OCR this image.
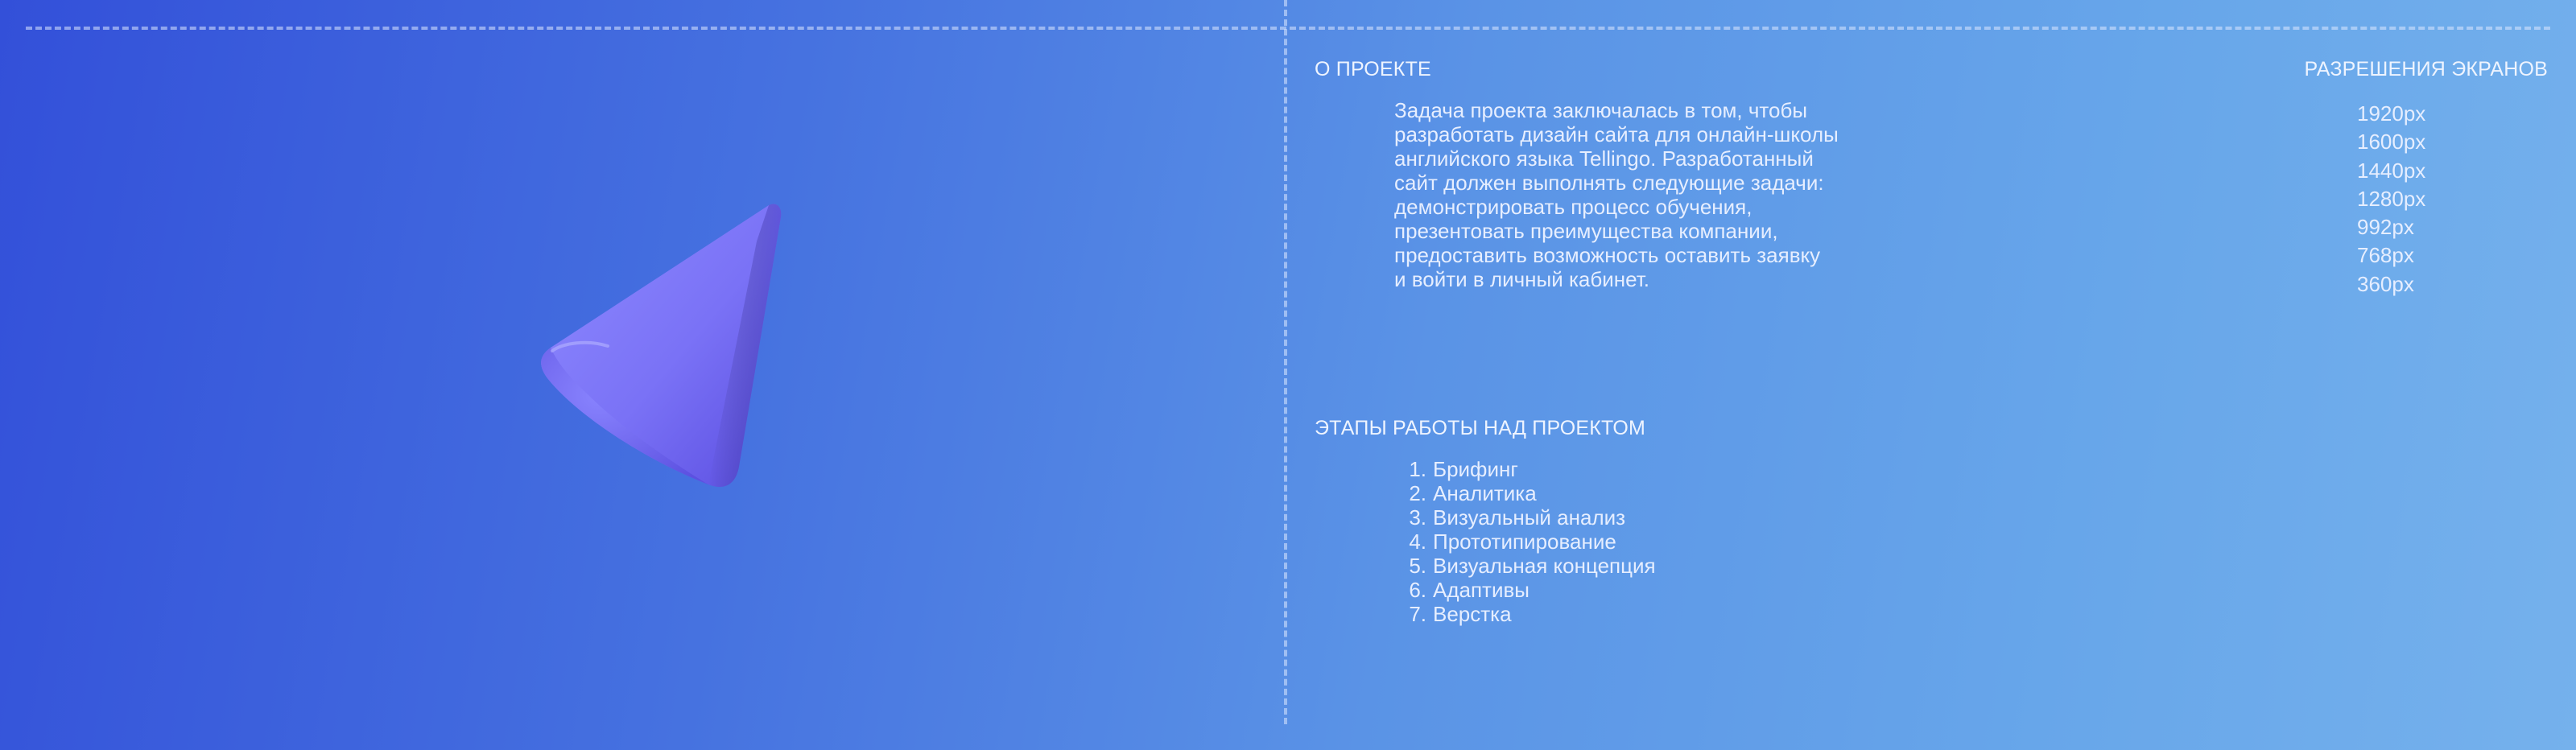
О ПРОЕКТЕ	РАЗРЕШЕНИЯ ЭКРАНОВ
ЭТАПЫ РАБОТЫ НАД ПРОЕКТОМ
Задача проекта заключалась в том, чтобы
разработать дизайн сайта для онлайн-школы
английского языка Tellingo. Разработанный
сайт должен выполнять следующие задачи:
демонстрировать процесс обучения,
презентовать преимущества компании,
предоставить возможность оставить заявку
и войти в личный кабинет.
1920px
1600px
1440px
1280px
992px
768px
360px
1. Брифинг
2. Аналитика
3. Визуальный анализ
4. Прототипирование
5. Визуальная концепция
6. Адаптивы
7. Верстка
